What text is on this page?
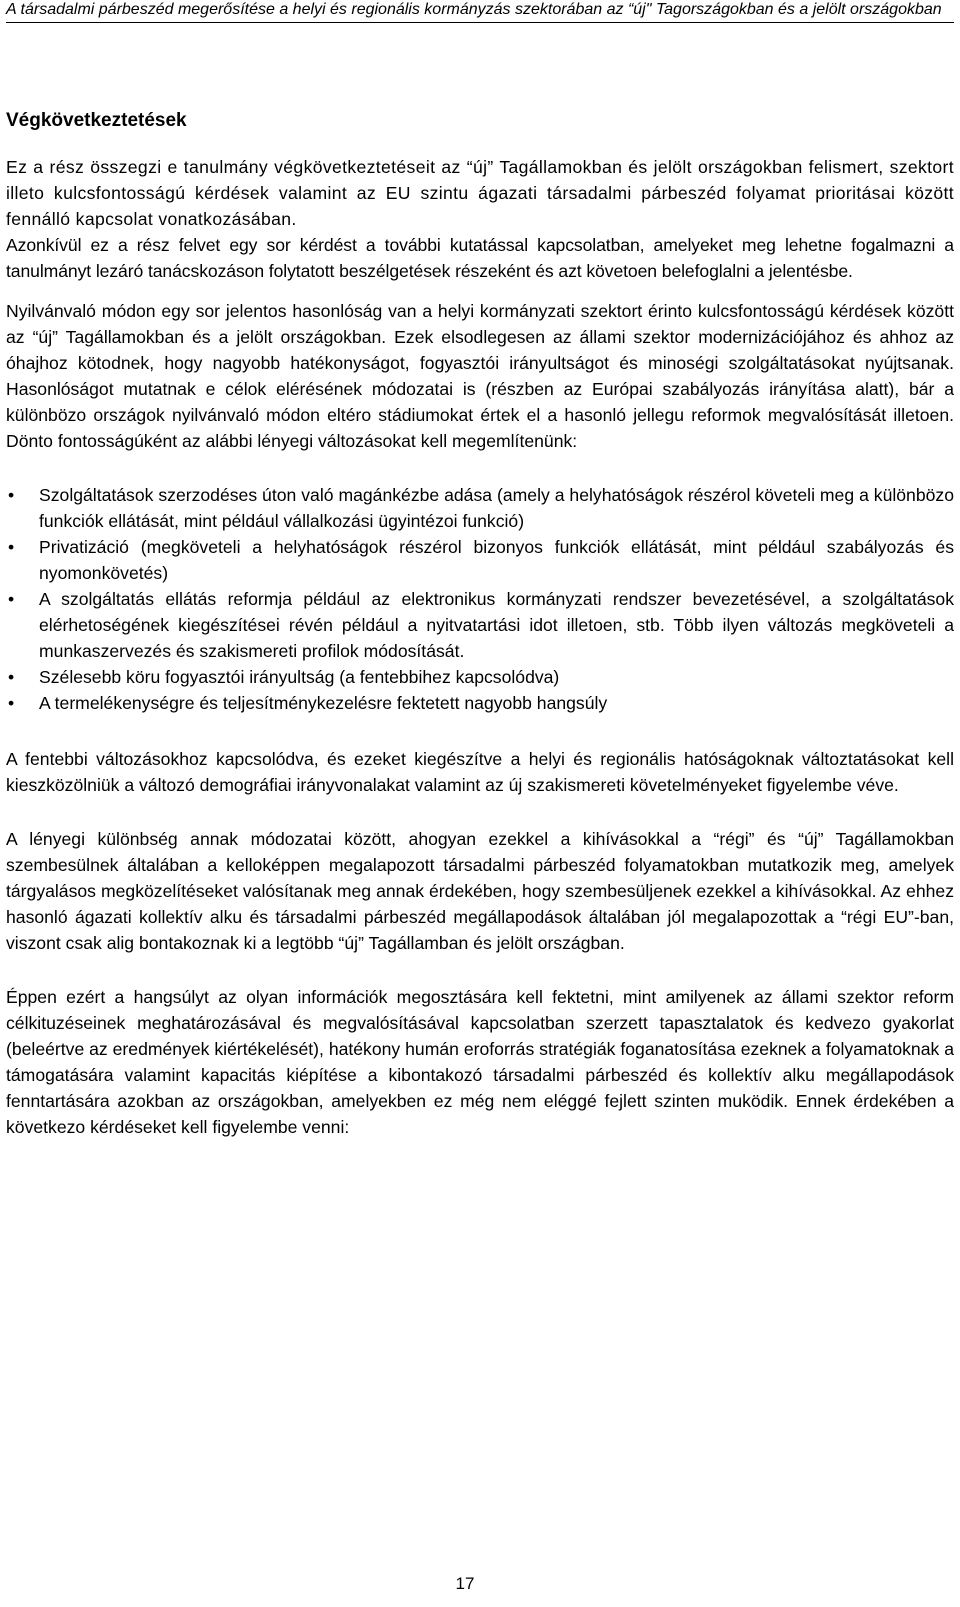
A társadalmi párbeszéd megerősítése a helyi és regionális kormányzás szektorában az “új" Tagországokban és a jelölt országokban
Végkövetkeztetések

Ez a rész összegzi e tanulmány végkövetkeztetéseit az “új” Tagállamokban és jelölt országokban felismert, szektort illeto kulcsfontosságú kérdések valamint az EU szintu ágazati társadalmi párbeszéd folyamat prioritásai között fennálló kapcsolat vonatkozásában.

Azonkívül ez a rész felvet egy sor kérdést a további kutatással kapcsolatban, amelyeket meg lehetne fogalmazni a tanulmányt lezáró tanácskozáson folytatott beszélgetések részeként és azt követoen belefoglalni a jelentésbe.

Nyilvánvaló módon egy sor jelentos hasonlóság van a helyi kormányzati szektort érinto kulcsfontosságú kérdések között az “új” Tagállamokban és a jelölt országokban. Ezek elsodlegesen az állami szektor modernizációjához és ahhoz az óhajhoz kötodnek, hogy nagyobb hatékonyságot, fogyasztói irányultságot és minoségi szolgáltatásokat nyújtsanak. Hasonlóságot mutatnak e célok elérésének módozatai is (részben az Európai szabályozás irányítása alatt), bár a különbözo országok nyilvánvaló módon eltéro stádiumokat értek el a hasonló jellegu reformok megvalósítását illetoen. Dönto fontosságúként az alábbi lényegi változásokat kell megemlítenünk:

• Szolgáltatások szerzodéses úton való magánkézbe adása (amely a helyhatóságok részérol követeli meg a különbözo funkciók ellátását, mint például vállalkozási ügyintézoi funkció)
• Privatizáció (megköveteli a helyhatóságok részérol bizonyos funkciók ellátását, mint például szabályozás és nyomonkövetés)
• A szolgáltatás ellátás reformja például az elektronikus kormányzati rendszer bevezetésével, a szolgáltatások elérhetoségének kiegészítései révén például a nyitvatartási idot illetoen, stb. Több ilyen változás megköveteli a munkaszervezés és szakismereti profilok módosítását.
• Szélesebb köru fogyasztói irányultság (a fentebbihez kapcsolódva)
• A termelékenységre és teljesítménykezelésre fektetett nagyobb hangsúly

A fentebbi változásokhoz kapcsolódva, és ezeket kiegészítve a helyi és regionális hatóságoknak változtatásokat kell kieszközölniük a változó demográfiai irányvonalakat valamint az új szakismereti követelményeket figyelembe véve.

A lényegi különbség annak módozatai között, ahogyan ezekkel a kihívásokkal a “régi” és “új” Tagállamokban szembesülnek általában a kelloképpen megalapozott társadalmi párbeszéd folyamatokban mutatkozik meg, amelyek tárgyalásos megközelítéseket valósítanak meg annak érdekében, hogy szembesüljenek ezekkel a kihívásokkal. Az ehhez hasonló ágazati kollektív alku és társadalmi párbeszéd megállapodások általában jól megalapozottak a “régi EU”-ban, viszont csak alig bontakoznak ki a legtöbb “új” Tagállamban és jelölt országban.

Éppen ezért a hangsúlyt az olyan információk megosztására kell fektetni, mint amilyenek az állami szektor reform célkituzéseinek meghatározásával és megvalósításával kapcsolatban szerzett tapasztalatok és kedvezo gyakorlat (beleértve az eredmények kiértékelését), hatékony humán eroforrás stratégiák foganatosítása ezeknek a folyamatoknak a támogatására valamint kapacitás kiépítése a kibontakozó társadalmi párbeszéd és kollektív alku megállapodások fenntartására azokban az országokban, amelyekben ez még nem eléggé fejlett szinten muködik. Ennek érdekében a következo kérdéseket kell figyelembe venni:

17
